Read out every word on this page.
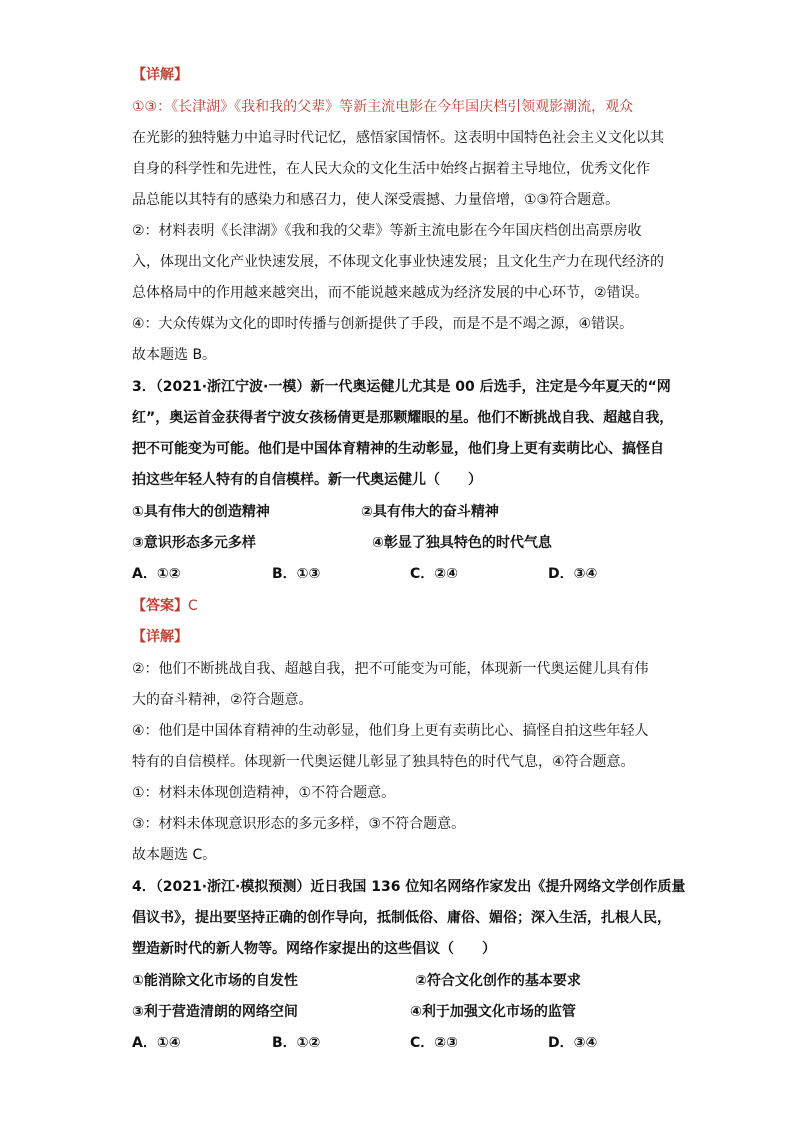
【详解】
①③：《长津湖》《我和我的父辈》等新主流电影在今年国庆档引领观影潮流，观众
在光影的独特魅力中追寻时代记忆，感悟家国情怀。这表明中国特色社会主义文化以其
自身的科学性和先进性，在人民大众的文化生活中始终占据着主导地位，优秀文化作
品总能以其特有的感染力和感召力，使人深受震撼、力量倍增，①③符合题意。
②：材料表明《长津湖》《我和我的父辈》等新主流电影在今年国庆档创出高票房收
入，体现出文化产业快速发展，不体现文化事业快速发展；且文化生产力在现代经济的
总体格局中的作用越来越突出，而不能说越来越成为经济发展的中心环节，②错误。
④：大众传媒为文化的即时传播与创新提供了手段，而是不是不竭之源，④错误。
故本题选 B。
3．（2021·浙江宁波·一模）新一代奥运健儿尤其是 00 后选手，注定是今年夏天的“网
红”，奥运首金获得者宁波女孩杨倩更是那颗耀眼的星。他们不断挑战自我、超越自我，
把不可能变为可能。他们是中国体育精神的生动彰显，他们身上更有卖萌比心、搞怪自
拍这些年轻人特有的自信模样。新一代奥运健儿（　　）
①具有伟大的创造精神	②具有伟大的奋斗精神
③意识形态多元多样	④彰显了独具特色的时代气息
A．①②	B．①③	C．②④	D．③④
【答案】C
【详解】
②：他们不断挑战自我、超越自我，把不可能变为可能，体现新一代奥运健儿具有伟
大的奋斗精神，②符合题意。
④：他们是中国体育精神的生动彰显，他们身上更有卖萌比心、搞怪自拍这些年轻人
特有的自信模样。体现新一代奥运健儿彰显了独具特色的时代气息，④符合题意。
①：材料未体现创造精神，①不符合题意。
③：材料未体现意识形态的多元多样，③不符合题意。
故本题选 C。
4．（2021·浙江·模拟预测）近日我国 136 位知名网络作家发出《提升网络文学创作质量
倡议书》，提出要坚持正确的创作导向，抵制低俗、庸俗、媚俗；深入生活，扎根人民，
塑造新时代的新人物等。网络作家提出的这些倡议（　　）
①能消除文化市场的自发性	②符合文化创作的基本要求
③利于营造清朗的网络空间	④利于加强文化市场的监管
A．①④	B．①②	C．②③	D．③④
